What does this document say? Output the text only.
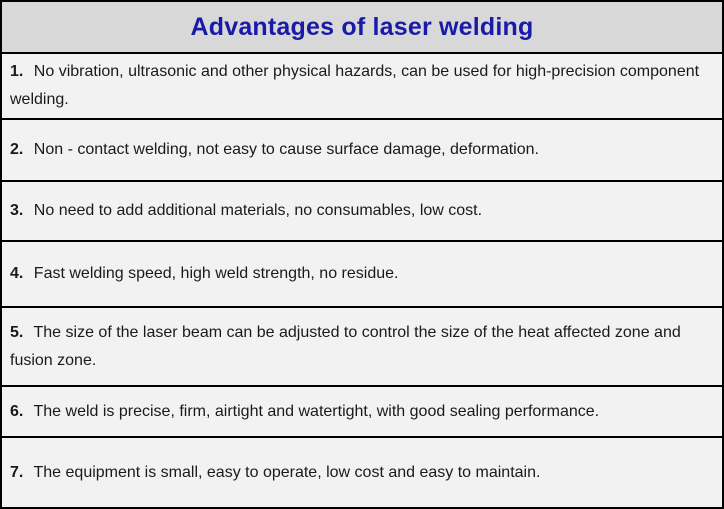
Advantages of laser welding
1. No vibration, ultrasonic and other physical hazards, can be used for high-precision component welding.
2. Non - contact welding, not easy to cause surface damage, deformation.
3. No need to add additional materials, no consumables, low cost.
4. Fast welding speed, high weld strength, no residue.
5. The size of the laser beam can be adjusted to control the size of the heat affected zone and fusion zone.
6. The weld is precise, firm, airtight and watertight, with good sealing performance.
7. The equipment is small, easy to operate, low cost and easy to maintain.
